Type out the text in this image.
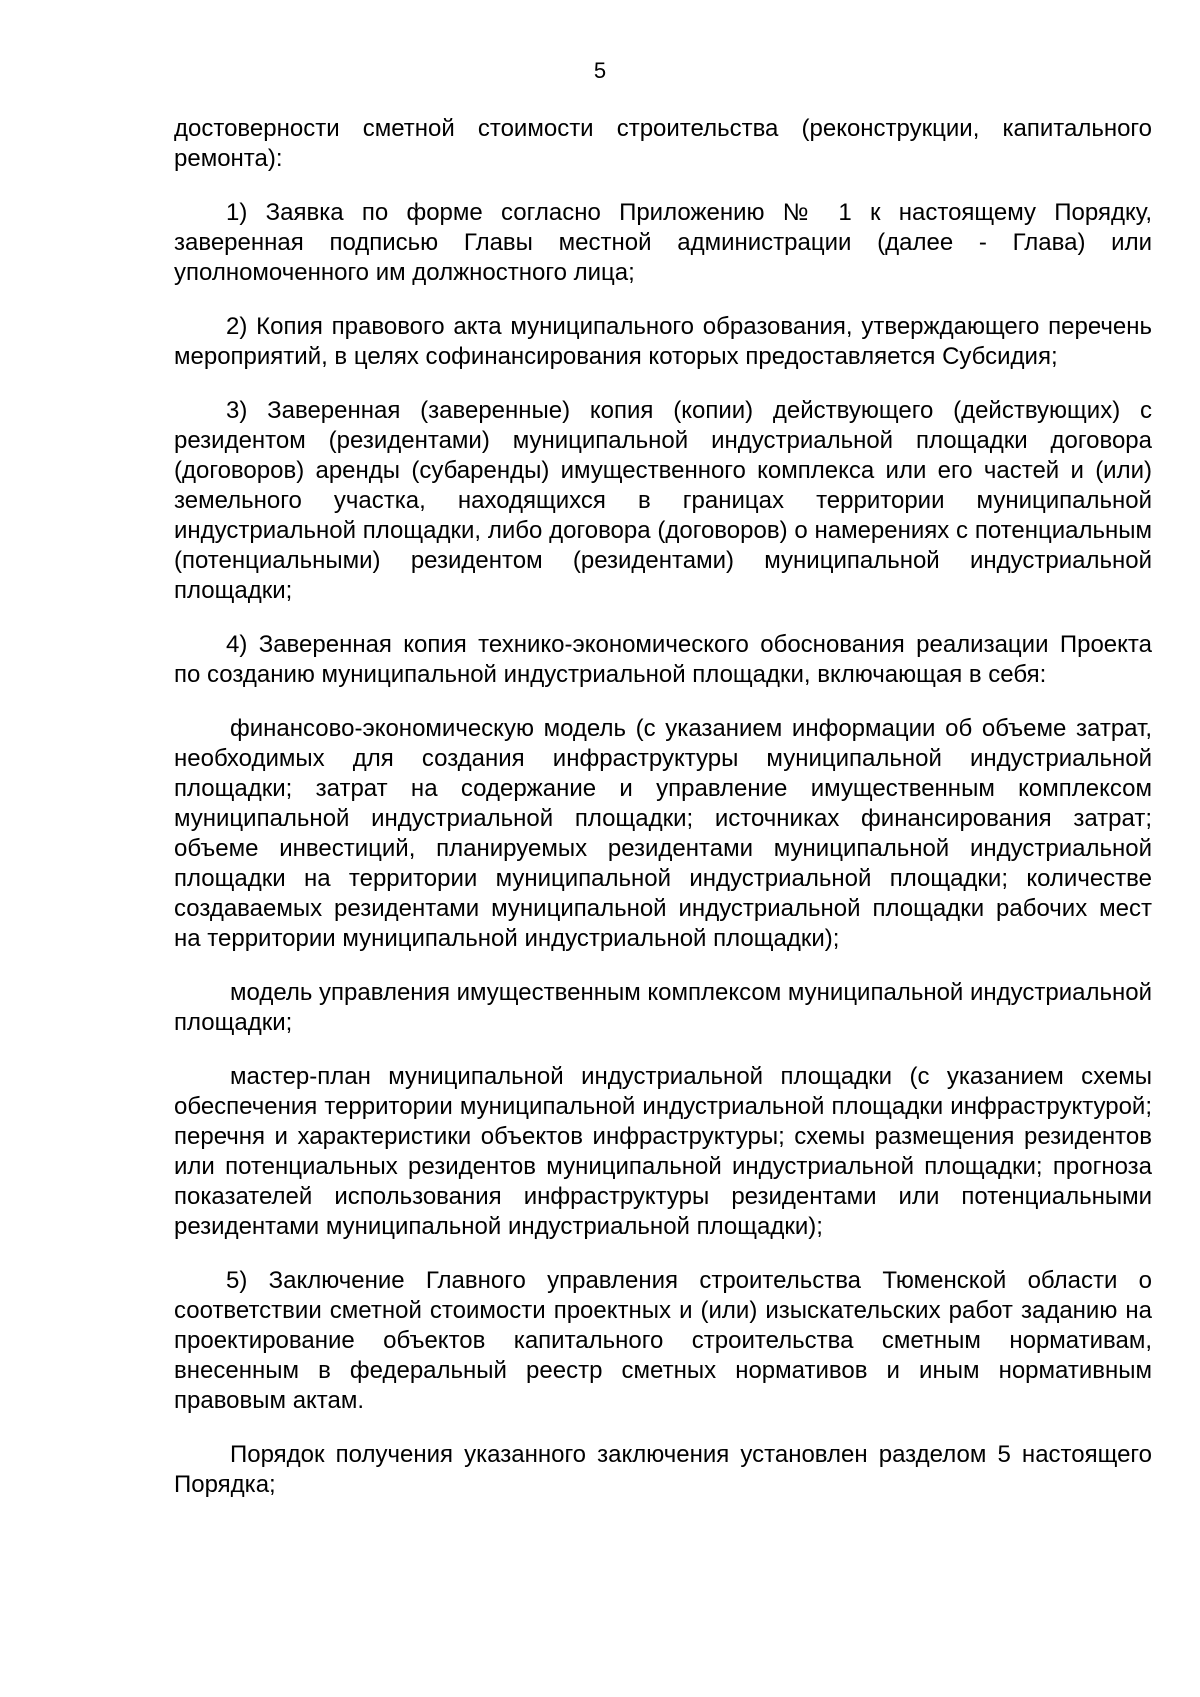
5

достоверности сметной стоимости строительства (реконструкции, капитального ремонта):

1) Заявка по форме согласно Приложению № 1 к настоящему Порядку, заверенная подписью Главы местной администрации (далее - Глава) или уполномоченного им должностного лица;

2) Копия правового акта муниципального образования, утверждающего перечень мероприятий, в целях софинансирования которых предоставляется Субсидия;

3) Заверенная (заверенные) копия (копии) действующего (действующих) с резидентом (резидентами) муниципальной индустриальной площадки договора (договоров) аренды (субаренды) имущественного комплекса или его частей и (или) земельного участка, находящихся в границах территории муниципальной индустриальной площадки, либо договора (договоров) о намерениях с потенциальным (потенциальными) резидентом (резидентами) муниципальной индустриальной площадки;

4) Заверенная копия технико-экономического обоснования реализации Проекта по созданию муниципальной индустриальной площадки, включающая в себя:

финансово-экономическую модель (с указанием информации об объеме затрат, необходимых для создания инфраструктуры муниципальной индустриальной площадки; затрат на содержание и управление имущественным комплексом муниципальной индустриальной площадки; источниках финансирования затрат; объеме инвестиций, планируемых резидентами муниципальной индустриальной площадки на территории муниципальной индустриальной площадки; количестве создаваемых резидентами муниципальной индустриальной площадки рабочих мест на территории муниципальной индустриальной площадки);

модель управления имущественным комплексом муниципальной индустриальной площадки;

мастер-план муниципальной индустриальной площадки (с указанием схемы обеспечения территории муниципальной индустриальной площадки инфраструктурой; перечня и характеристики объектов инфраструктуры; схемы размещения резидентов или потенциальных резидентов муниципальной индустриальной площадки; прогноза показателей использования инфраструктуры резидентами или потенциальными резидентами муниципальной индустриальной площадки);

5) Заключение Главного управления строительства Тюменской области о соответствии сметной стоимости проектных и (или) изыскательских работ заданию на проектирование объектов капитального строительства сметным нормативам, внесенным в федеральный реестр сметных нормативов и иным нормативным правовым актам.

Порядок получения указанного заключения установлен разделом 5 настоящего Порядка;
